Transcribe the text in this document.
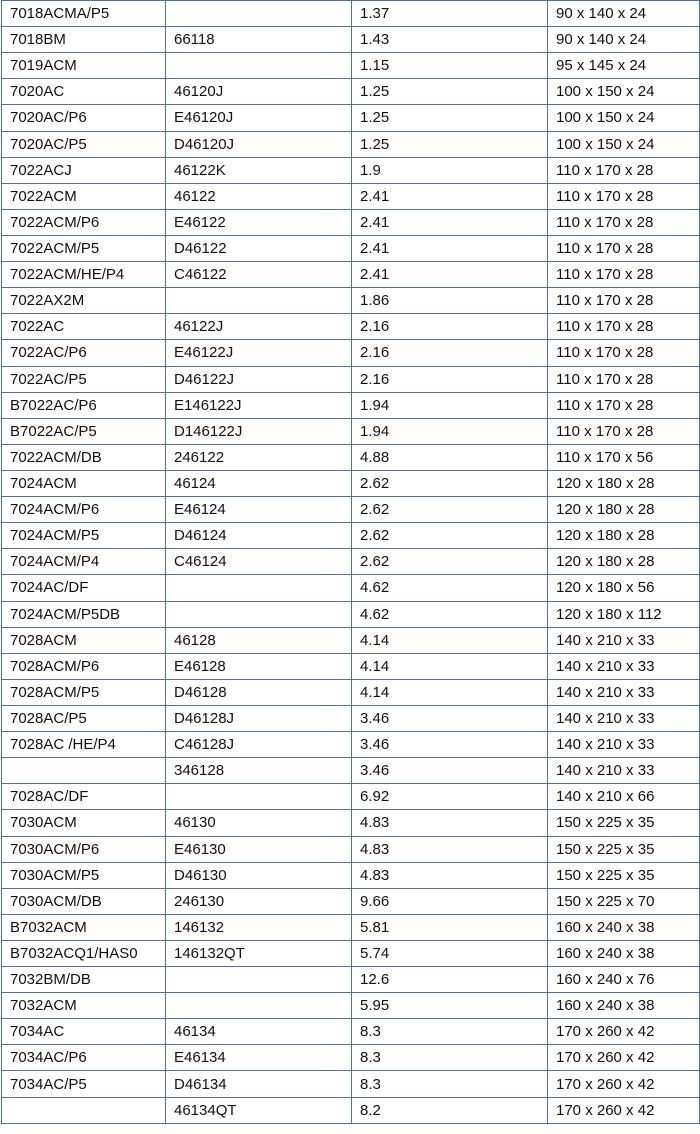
7018ACMA/P5		1.37	90 x 140 x 24
7018BM	66118	1.43	90 x 140 x 24
7019ACM		1.15	95 x 145 x 24
7020AC	46120J	1.25	100 x 150 x 24
7020AC/P6	E46120J	1.25	100 x 150 x 24
7020AC/P5	D46120J	1.25	100 x 150 x 24
7022ACJ	46122K	1.9	110 x 170 x 28
7022ACM	46122	2.41	110 x 170 x 28
7022ACM/P6	E46122	2.41	110 x 170 x 28
7022ACM/P5	D46122	2.41	110 x 170 x 28
7022ACM/HE/P4	C46122	2.41	110 x 170 x 28
7022AX2M		1.86	110 x 170 x 28
7022AC	46122J	2.16	110 x 170 x 28
7022AC/P6	E46122J	2.16	110 x 170 x 28
7022AC/P5	D46122J	2.16	110 x 170 x 28
B7022AC/P6	E146122J	1.94	110 x 170 x 28
B7022AC/P5	D146122J	1.94	110 x 170 x 28
7022ACM/DB	246122	4.88	110 x 170 x 56
7024ACM	46124	2.62	120 x 180 x 28
7024ACM/P6	E46124	2.62	120 x 180 x 28
7024ACM/P5	D46124	2.62	120 x 180 x 28
7024ACM/P4	C46124	2.62	120 x 180 x 28
7024AC/DF		4.62	120 x 180 x 56
7024ACM/P5DB		4.62	120 x 180 x 112
7028ACM	46128	4.14	140 x 210 x 33
7028ACM/P6	E46128	4.14	140 x 210 x 33
7028ACM/P5	D46128	4.14	140 x 210 x 33
7028AC/P5	D46128J	3.46	140 x 210 x 33
7028AC /HE/P4	C46128J	3.46	140 x 210 x 33
	346128	3.46	140 x 210 x 33
7028AC/DF		6.92	140 x 210 x 66
7030ACM	46130	4.83	150 x 225 x 35
7030ACM/P6	E46130	4.83	150 x 225 x 35
7030ACM/P5	D46130	4.83	150 x 225 x 35
7030ACM/DB	246130	9.66	150 x 225 x 70
B7032ACM	146132	5.81	160 x 240 x 38
B7032ACQ1/HAS0	146132QT	5.74	160 x 240 x 38
7032BM/DB		12.6	160 x 240 x 76
7032ACM		5.95	160 x 240 x 38
7034AC	46134	8.3	170 x 260 x 42
7034AC/P6	E46134	8.3	170 x 260 x 42
7034AC/P5	D46134	8.3	170 x 260 x 42
	46134QT	8.2	170 x 260 x 42
